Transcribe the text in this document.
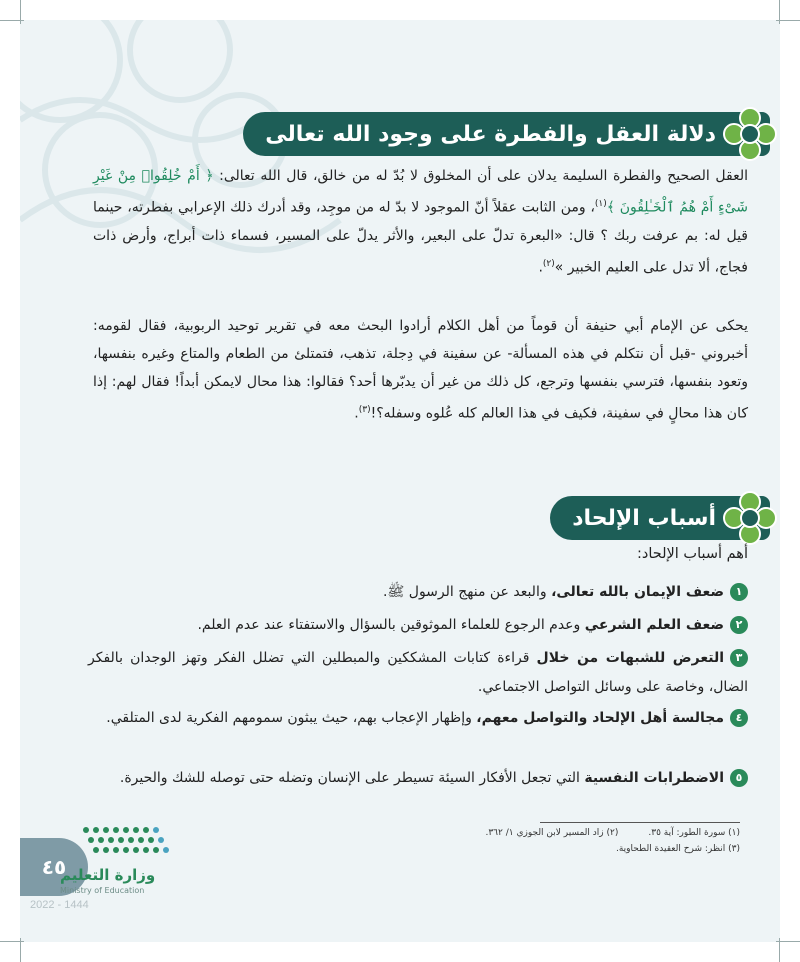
دلالة العقل والفطرة على وجود الله تعالى
العقل الصحيح والفطرة السليمة يدلان على أن المخلوق لا بُدّ له من خالق، قال الله تعالى: ﴿ أَمْ خُلِقُوا۟ مِنْ غَيْرِ شَىْءٍ أَمْ هُمُ ٱلْخَـٰلِقُونَ ﴾$^{(١)}$، ومن الثابت عقلاً أنّ الموجود لا بدّ له من موجِد، وقد أدرك ذلك الإعرابي بفطرته، حينما قيل له: بم عرفت ربك ؟ قال: «البعرة تدلّ على البعير، والأثر يدلّ على المسير، فسماء ذات أبراج، وأرض ذات فجاج، ألا تدل على العليم الخبير »$^{(٢)}$.
يحكى عن الإمام أبي حنيفة أن قوماً من أهل الكلام أرادوا البحث معه في تقرير توحيد الربوبية، فقال لقومه: أخبروني -قبل أن نتكلم في هذه المسألة- عن سفينة في دِجلة، تذهب، فتمتلئ من الطعام والمتاع وغيره بنفسها، وتعود بنفسها، فترسي بنفسها وترجع، كل ذلك من غير أن يدبّرها أحد؟ فقالوا: هذا محال لايمكن أبداً! فقال لهم: إذا كان هذا محالٍ في سفينة، فكيف في هذا العالم كله عُلوه وسفله؟!$^{(٣)}$.
أسباب الإلحاد
أهم أسباب الإلحاد:
١ضعف الإيمان بالله تعالى، والبعد عن منهج الرسول ﷺ.
٢ضعف العلم الشرعي وعدم الرجوع للعلماء الموثوقين بالسؤال والاستفتاء عند عدم العلم.
٣التعرض للشبهات من خلال قراءة كتابات المشككين والمبطلين التي تضلل الفكر وتهز الوجدان بالفكر الضال، وخاصة على وسائل التواصل الاجتماعي.
٤مجالسة أهل الإلحاد والتواصل معهم، وإظهار الإعجاب بهم، حيث يبثون سمومهم الفكرية لدى المتلقي.
٥الاضطرابات النفسية التي تجعل الأفكار السيئة تسيطر على الإنسان وتضله حتى توصله للشك والحيرة.
(١) سورة الطور: آية ٣٥.(٢) زاد المسير لابن الجوزي ١/ ٣٦٢.
(٣) انظر: شرح العقيدة الطحاوية.
٤٥
وزارة التعليم
Ministry of Education
2022 - 1444
